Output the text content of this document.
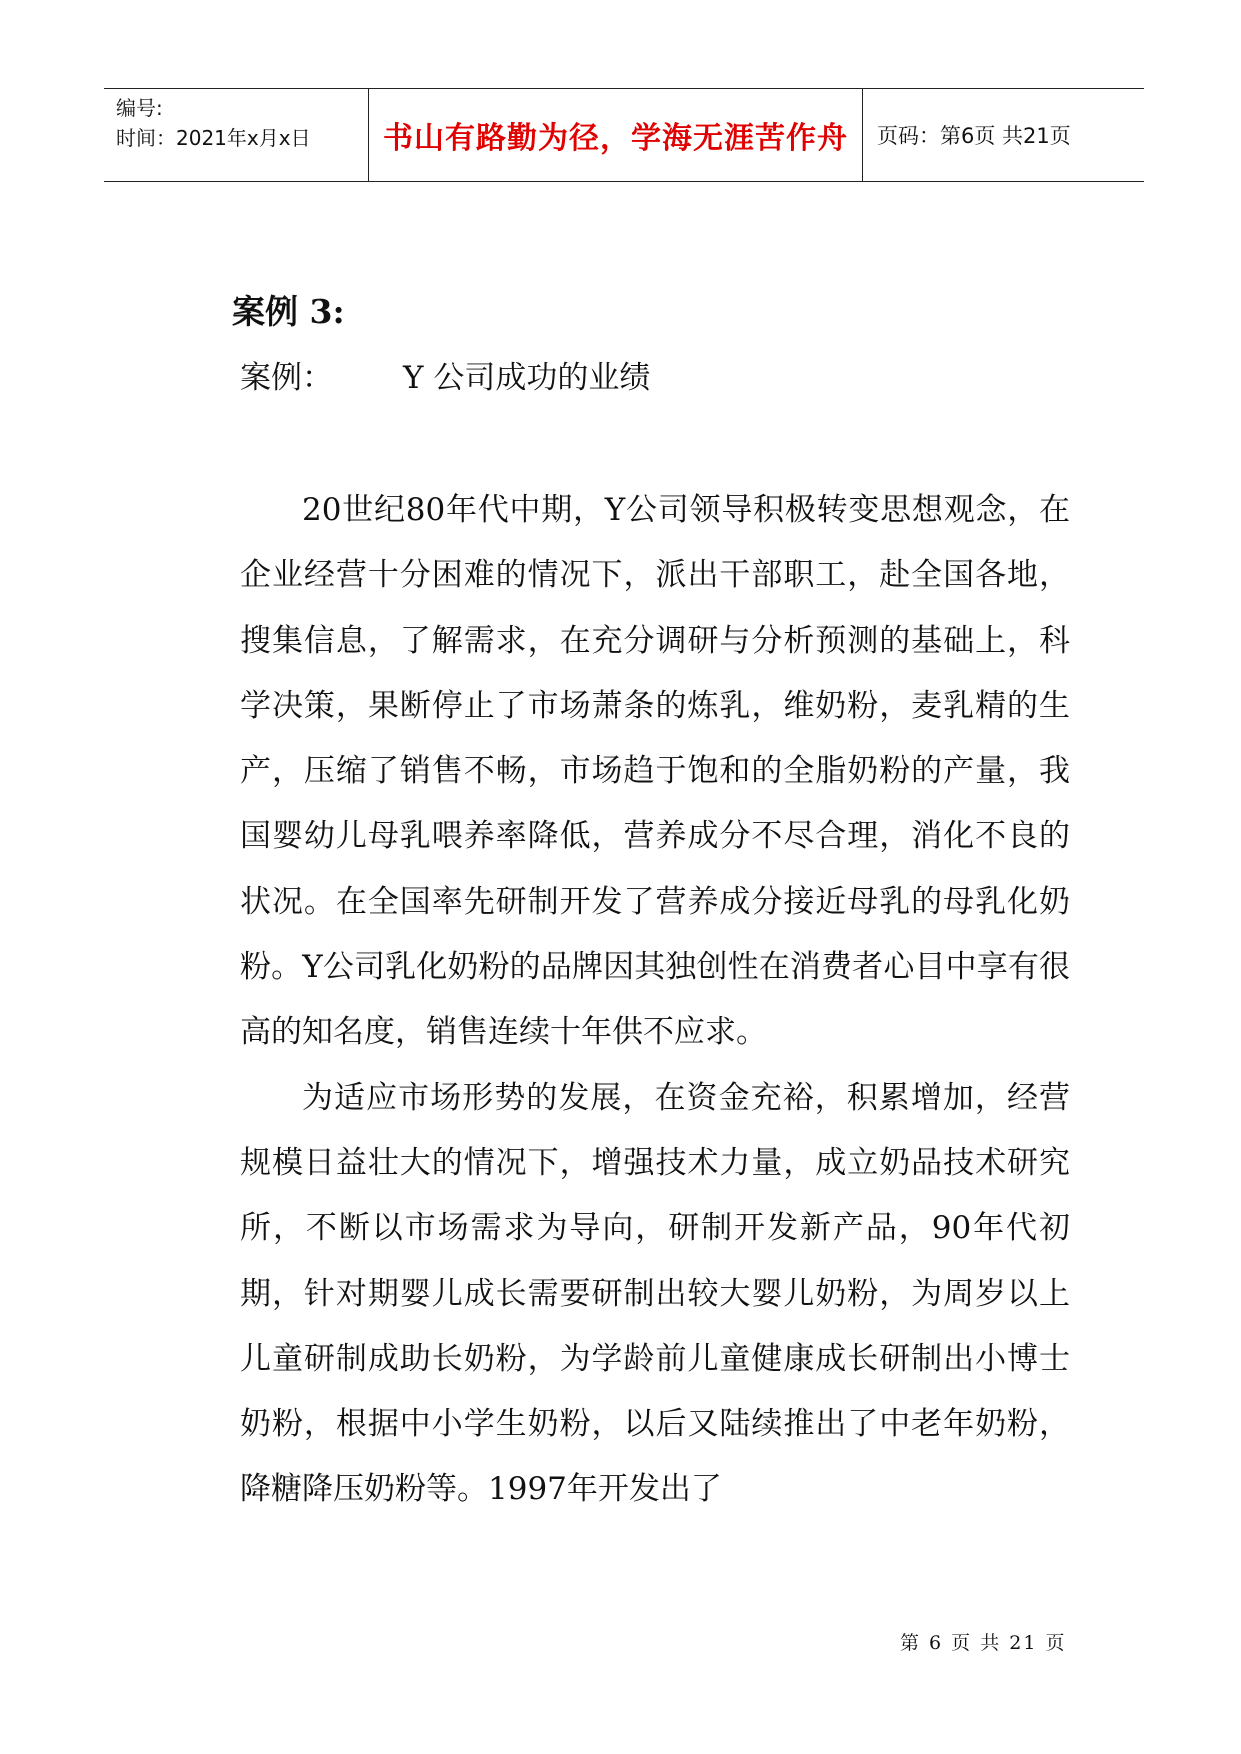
编号:
时间：2021年x月x日	书山有路勤为径，学海无涯苦作舟 页码：第6页 共21页
案例 3:
案例： Y 公司成功的业绩

20世纪80年代中期，Y公司领导积极转变思想观念，在企业经营十分困难的情况下，派出干部职工，赴全国各地，搜集信息，了解需求，在充分调研与分析预测的基础上，科学决策，果断停止了市场萧条的炼乳，维奶粉，麦乳精的生产，压缩了销售不畅，市场趋于饱和的全脂奶粉的产量，我国婴幼儿母乳喂养率降低，营养成分不尽合理，消化不良的状况。在全国率先研制开发了营养成分接近母乳的母乳化奶粉。Y公司乳化奶粉的品牌因其独创性在消费者心目中享有很高的知名度，销售连续十年供不应求。

为适应市场形势的发展，在资金充裕，积累增加，经营规模日益壮大的情况下，增强技术力量，成立奶品技术研究所，不断以市场需求为导向，研制开发新产品，90年代初期，针对期婴儿成长需要研制出较大婴儿奶粉，为周岁以上儿童研制成助长奶粉，为学龄前儿童健康成长研制出小博士奶粉，根据中小学生奶粉，以后又陆续推出了中老年奶粉，降糖降压奶粉等。1997年开发出了

第 6 页 共 21 页
